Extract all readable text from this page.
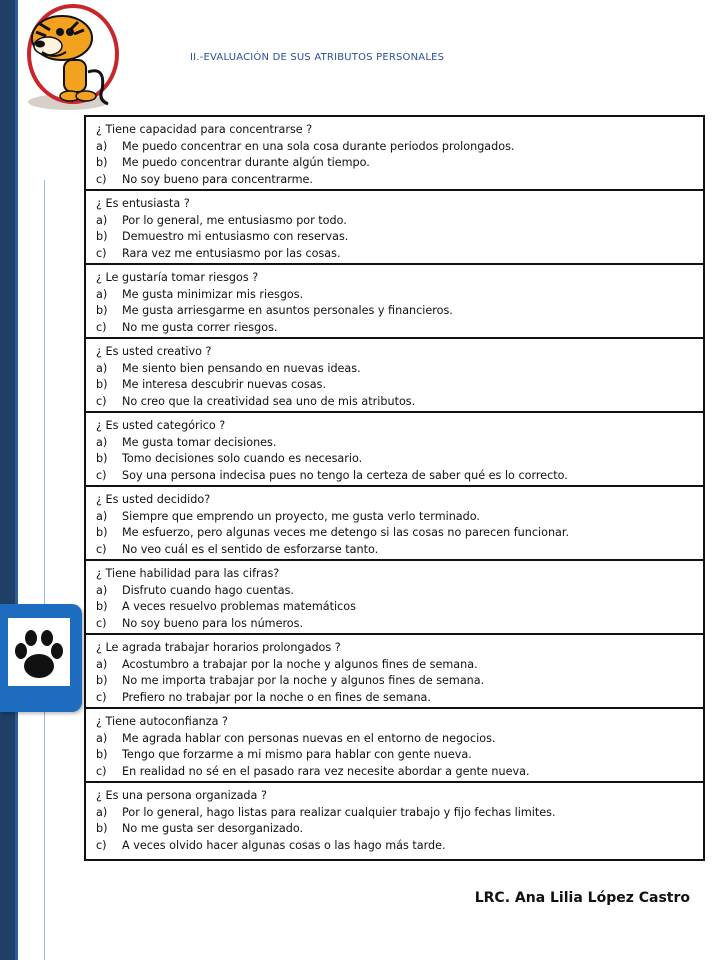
II.-EVALUACIÓN DE SUS ATRIBUTOS PERSONALES
¿ Tiene capacidad para concentrarse ?
a) Me puedo concentrar en una sola cosa durante periodos prolongados.
b) Me puedo concentrar durante algún tiempo.
c) No soy bueno para concentrarme.
¿ Es entusiasta ?
a) Por lo general, me entusiasmo por todo.
b) Demuestro mi entusiasmo con reservas.
c) Rara vez me entusiasmo por las cosas.
¿ Le gustaría tomar riesgos ?
a) Me gusta minimizar mis riesgos.
b) Me gusta arriesgarme en asuntos personales y financieros.
c) No me gusta correr riesgos.
¿ Es usted creativo ?
a) Me siento bien pensando en nuevas ideas.
b) Me interesa descubrir nuevas cosas.
c) No creo que la creatividad sea uno de mis atributos.
¿ Es usted categórico ?
a) Me gusta tomar decisiones.
b) Tomo decisiones solo cuando es necesario.
c) Soy una persona indecisa pues no tengo la certeza de saber qué es lo correcto.
¿ Es usted decidido?
a) Siempre que emprendo un proyecto, me gusta verlo terminado.
b) Me esfuerzo, pero algunas veces me detengo si las cosas no parecen funcionar.
c) No veo cuál es el sentido de esforzarse tanto.
¿ Tiene habilidad para las cifras?
a) Disfruto cuando hago cuentas.
b) A veces resuelvo problemas matemáticos
c) No soy bueno para los números.
¿ Le agrada trabajar horarios prolongados ?
a) Acostumbro a trabajar por la noche y algunos fines de semana.
b) No me importa trabajar por la noche y algunos fines de semana.
c) Prefiero no trabajar por la noche o en fines de semana.
¿ Tiene autoconfianza ?
a) Me agrada hablar con personas nuevas en el entorno de negocios.
b) Tengo que forzarme a mi mismo para hablar con gente nueva.
c) En realidad no sé en el pasado rara vez necesite abordar a gente nueva.
¿ Es una persona organizada ?
a) Por lo general, hago listas para realizar cualquier trabajo y fijo fechas limites.
b) No me gusta ser desorganizado.
c) A veces olvido hacer algunas cosas o las hago más tarde.
LRC. Ana Lilia López Castro
